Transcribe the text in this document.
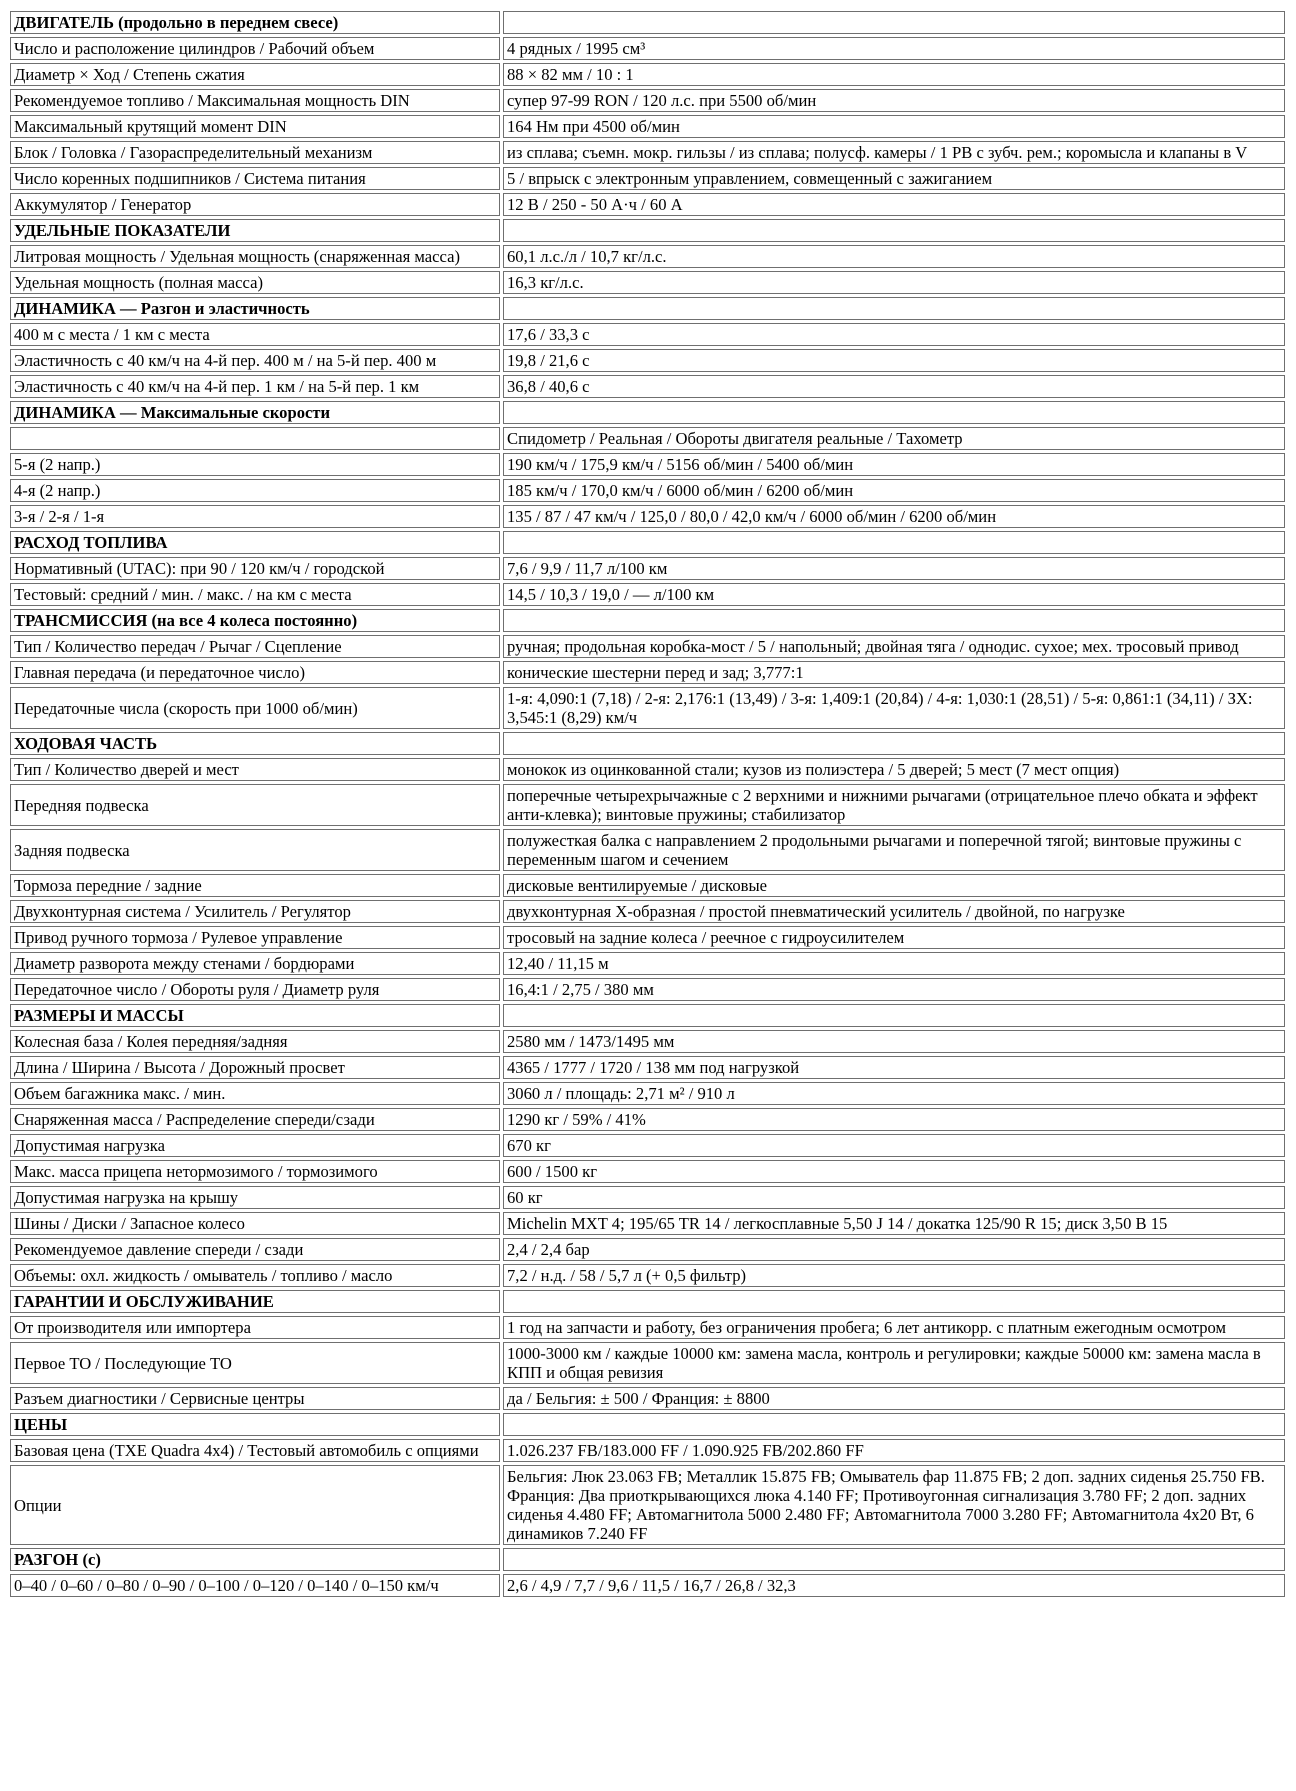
ДВИГАТЕЛЬ (продольно в переднем свесе)	
Число и расположение цилиндров / Рабочий объем	4 рядных / 1995 см³
Диаметр × Ход / Степень сжатия	88 × 82 мм / 10 : 1
Рекомендуемое топливо / Максимальная мощность DIN	супер 97-99 RON / 120 л.с. при 5500 об/мин
Максимальный крутящий момент DIN	164 Нм при 4500 об/мин
Блок / Головка / Газораспределительный механизм	из сплава; съемн. мокр. гильзы / из сплава; полусф. камеры / 1 РВ с зубч. рем.; коромысла и клапаны в V
Число коренных подшипников / Система питания	5 / впрыск с электронным управлением, совмещенный с зажиганием
Аккумулятор / Генератор	12 В / 250 - 50 А·ч / 60 А
УДЕЛЬНЫЕ ПОКАЗАТЕЛИ	
Литровая мощность / Удельная мощность (снаряженная масса)	60,1 л.с./л / 10,7 кг/л.с.
Удельная мощность (полная масса)	16,3 кг/л.с.
ДИНАМИКА — Разгон и эластичность	
400 м с места / 1 км с места	17,6 / 33,3 с
Эластичность с 40 км/ч на 4-й пер. 400 м / на 5-й пер. 400 м	19,8 / 21,6 с
Эластичность с 40 км/ч на 4-й пер. 1 км / на 5-й пер. 1 км	36,8 / 40,6 с
ДИНАМИКА — Максимальные скорости	
	Спидометр / Реальная / Обороты двигателя реальные / Тахометр
5-я (2 напр.)	190 км/ч / 175,9 км/ч / 5156 об/мин / 5400 об/мин
4-я (2 напр.)	185 км/ч / 170,0 км/ч / 6000 об/мин / 6200 об/мин
3-я / 2-я / 1-я	135 / 87 / 47 км/ч / 125,0 / 80,0 / 42,0 км/ч / 6000 об/мин / 6200 об/мин
РАСХОД ТОПЛИВА	
Нормативный (UTAC): при 90 / 120 км/ч / городской	7,6 / 9,9 / 11,7 л/100 км
Тестовый: средний / мин. / макс. / на км с места	14,5 / 10,3 / 19,0 / — л/100 км
ТРАНСМИССИЯ (на все 4 колеса постоянно)	
Тип / Количество передач / Рычаг / Сцепление	ручная; продольная коробка-мост / 5 / напольный; двойная тяга / однодис. сухое; мех. тросовый привод
Главная передача (и передаточное число)	конические шестерни перед и зад; 3,777:1
Передаточные числа (скорость при 1000 об/мин)	1-я: 4,090:1 (7,18) / 2-я: 2,176:1 (13,49) / 3-я: 1,409:1 (20,84) / 4-я: 1,030:1 (28,51) / 5-я: 0,861:1 (34,11) / ЗХ: 3,545:1 (8,29) км/ч
ХОДОВАЯ ЧАСТЬ	
Тип / Количество дверей и мест	монокок из оцинкованной стали; кузов из полиэстера / 5 дверей; 5 мест (7 мест опция)
Передняя подвеска	поперечные четырехрычажные с 2 верхними и нижними рычагами (отрицательное плечо обката и эффект анти-клевка); винтовые пружины; стабилизатор
Задняя подвеска	полужесткая балка с направлением 2 продольными рычагами и поперечной тягой; винтовые пружины с переменным шагом и сечением
Тормоза передние / задние	дисковые вентилируемые / дисковые
Двухконтурная система / Усилитель / Регулятор	двухконтурная Х-образная / простой пневматический усилитель / двойной, по нагрузке
Привод ручного тормоза / Рулевое управление	тросовый на задние колеса / реечное с гидроусилителем
Диаметр разворота между стенами / бордюрами	12,40 / 11,15 м
Передаточное число / Обороты руля / Диаметр руля	16,4:1 / 2,75 / 380 мм
РАЗМЕРЫ И МАССЫ	
Колесная база / Колея передняя/задняя	2580 мм / 1473/1495 мм
Длина / Ширина / Высота / Дорожный просвет	4365 / 1777 / 1720 / 138 мм под нагрузкой
Объем багажника макс. / мин.	3060 л / площадь: 2,71 м² / 910 л
Снаряженная масса / Распределение спереди/сзади	1290 кг / 59% / 41%
Допустимая нагрузка	670 кг
Макс. масса прицепа нетормозимого / тормозимого	600 / 1500 кг
Допустимая нагрузка на крышу	60 кг
Шины / Диски / Запасное колесо	Michelin MXT 4; 195/65 TR 14 / легкосплавные 5,50 J 14 / докатка 125/90 R 15; диск 3,50 B 15
Рекомендуемое давление спереди / сзади	2,4 / 2,4 бар
Объемы: охл. жидкость / омыватель / топливо / масло	7,2 / н.д. / 58 / 5,7 л (+ 0,5 фильтр)
ГАРАНТИИ И ОБСЛУЖИВАНИЕ	
От производителя или импортера	1 год на запчасти и работу, без ограничения пробега; 6 лет антикорр. с платным ежегодным осмотром
Первое ТО / Последующие ТО	1000-3000 км / каждые 10000 км: замена масла, контроль и регулировки; каждые 50000 км: замена масла в КПП и общая ревизия
Разъем диагностики / Сервисные центры	да / Бельгия: ± 500 / Франция: ± 8800
ЦЕНЫ	
Базовая цена (TXE Quadra 4x4) / Тестовый автомобиль с опциями	1.026.237 FB/183.000 FF / 1.090.925 FB/202.860 FF
Опции	Бельгия: Люк 23.063 FB; Металлик 15.875 FB; Омыватель фар 11.875 FB; 2 доп. задних сиденья 25.750 FB. Франция: Два приоткрывающихся люка 4.140 FF; Противоугонная сигнализация 3.780 FF; 2 доп. задних сиденья 4.480 FF; Автомагнитола 5000 2.480 FF; Автомагнитола 7000 3.280 FF; Автомагнитола 4x20 Вт, 6 динамиков 7.240 FF
РАЗГОН (с)	
0–40 / 0–60 / 0–80 / 0–90 / 0–100 / 0–120 / 0–140 / 0–150 км/ч	2,6 / 4,9 / 7,7 / 9,6 / 11,5 / 16,7 / 26,8 / 32,3
